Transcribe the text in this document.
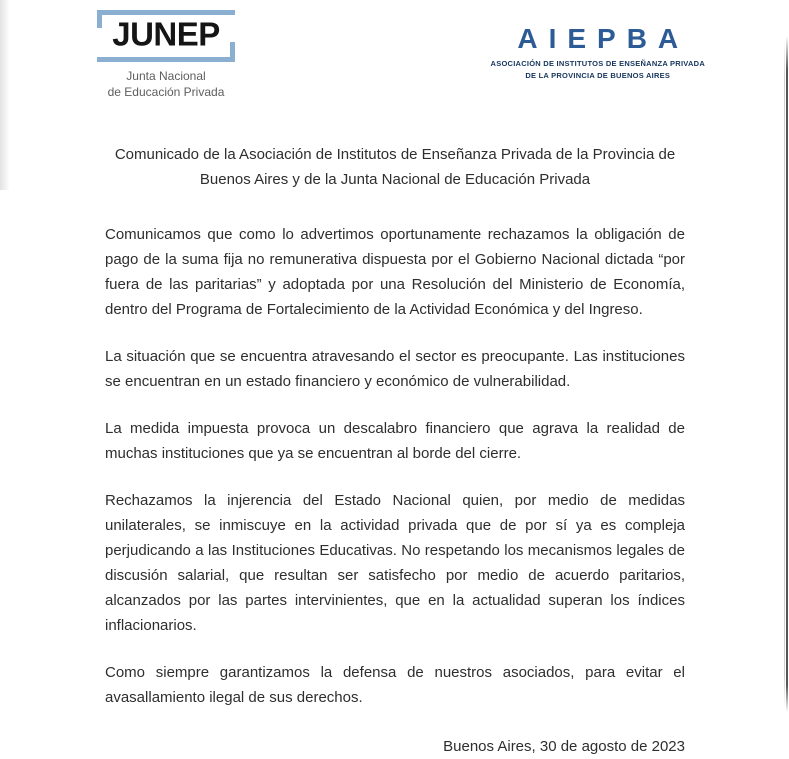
JUNEP
Junta Nacional
de Educación Privada
AIEPBA
ASOCIACIÓN DE INSTITUTOS DE ENSEÑANZA PRIVADA
DE LA PROVINCIA DE BUENOS AIRES
Comunicado de la Asociación de Institutos de Enseñanza Privada de la Provincia de
Buenos Aires y de la Junta Nacional de Educación Privada

Comunicamos que como lo advertimos oportunamente rechazamos la obligación de pago de la suma fija no remunerativa dispuesta por el Gobierno Nacional dictada “por fuera de las paritarias” y adoptada por una Resolución del Ministerio de Economía, dentro del Programa de Fortalecimiento de la Actividad Económica y del Ingreso.

La situación que se encuentra atravesando el sector es preocupante. Las instituciones se encuentran en un estado financiero y económico de vulnerabilidad.

La medida impuesta provoca un descalabro financiero que agrava la realidad de muchas instituciones que ya se encuentran al borde del cierre.

Rechazamos la injerencia del Estado Nacional quien, por medio de medidas unilaterales, se inmiscuye en la actividad privada que de por sí ya es compleja perjudicando a las Instituciones Educativas. No respetando los mecanismos legales de discusión salarial, que resultan ser satisfecho por medio de acuerdo paritarios, alcanzados por las partes intervinientes, que en la actualidad superan los índices inflacionarios.

Como siempre garantizamos la defensa de nuestros asociados, para evitar el avasallamiento ilegal de sus derechos.

Buenos Aires, 30 de agosto de 2023
